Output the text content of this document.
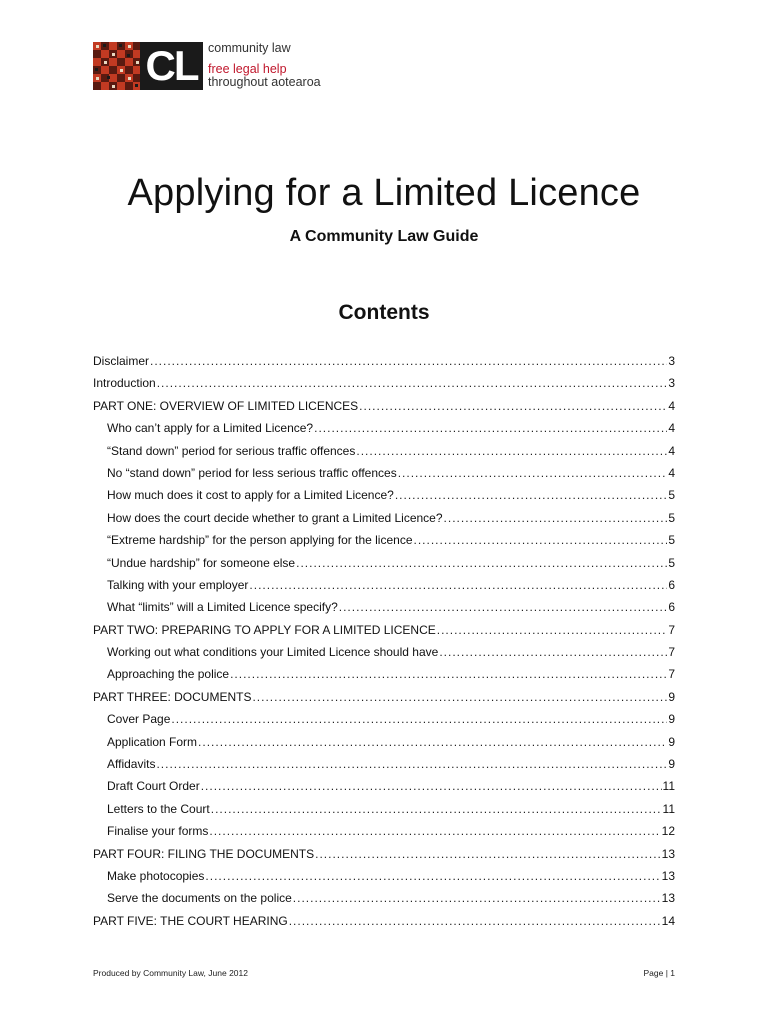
CL community law
free legal help
throughout aotearoa
Applying for a Limited Licence
A Community Law Guide
Contents
Disclaimer .....	3
Introduction .....	3
PART ONE: OVERVIEW OF LIMITED LICENCES .....	4
Who can’t apply for a Limited Licence? .....	4
“Stand down” period for serious traffic offences .....	4
No “stand down” period for less serious traffic offences .....	4
How much does it cost to apply for a Limited Licence? .....	5
How does the court decide whether to grant a Limited Licence? .....	5
“Extreme hardship” for the person applying for the licence .....	5
“Undue hardship” for someone else .....	5
Talking with your employer .....	6
What “limits” will a Limited Licence specify? .....	6
PART TWO: PREPARING TO APPLY FOR A LIMITED LICENCE .....	7
Working out what conditions your Limited Licence should have .....	7
Approaching the police .....	7
PART THREE: DOCUMENTS .....	9
Cover Page .....	9
Application Form .....	9
Affidavits .....	9
Draft Court Order .....	11
Letters to the Court .....	11
Finalise your forms .....	12
PART FOUR: FILING THE DOCUMENTS .....	13
Make photocopies .....	13
Serve the documents on the police .....	13
PART FIVE: THE COURT HEARING .....	14
Produced by Community Law, June 2012	Page | 1
